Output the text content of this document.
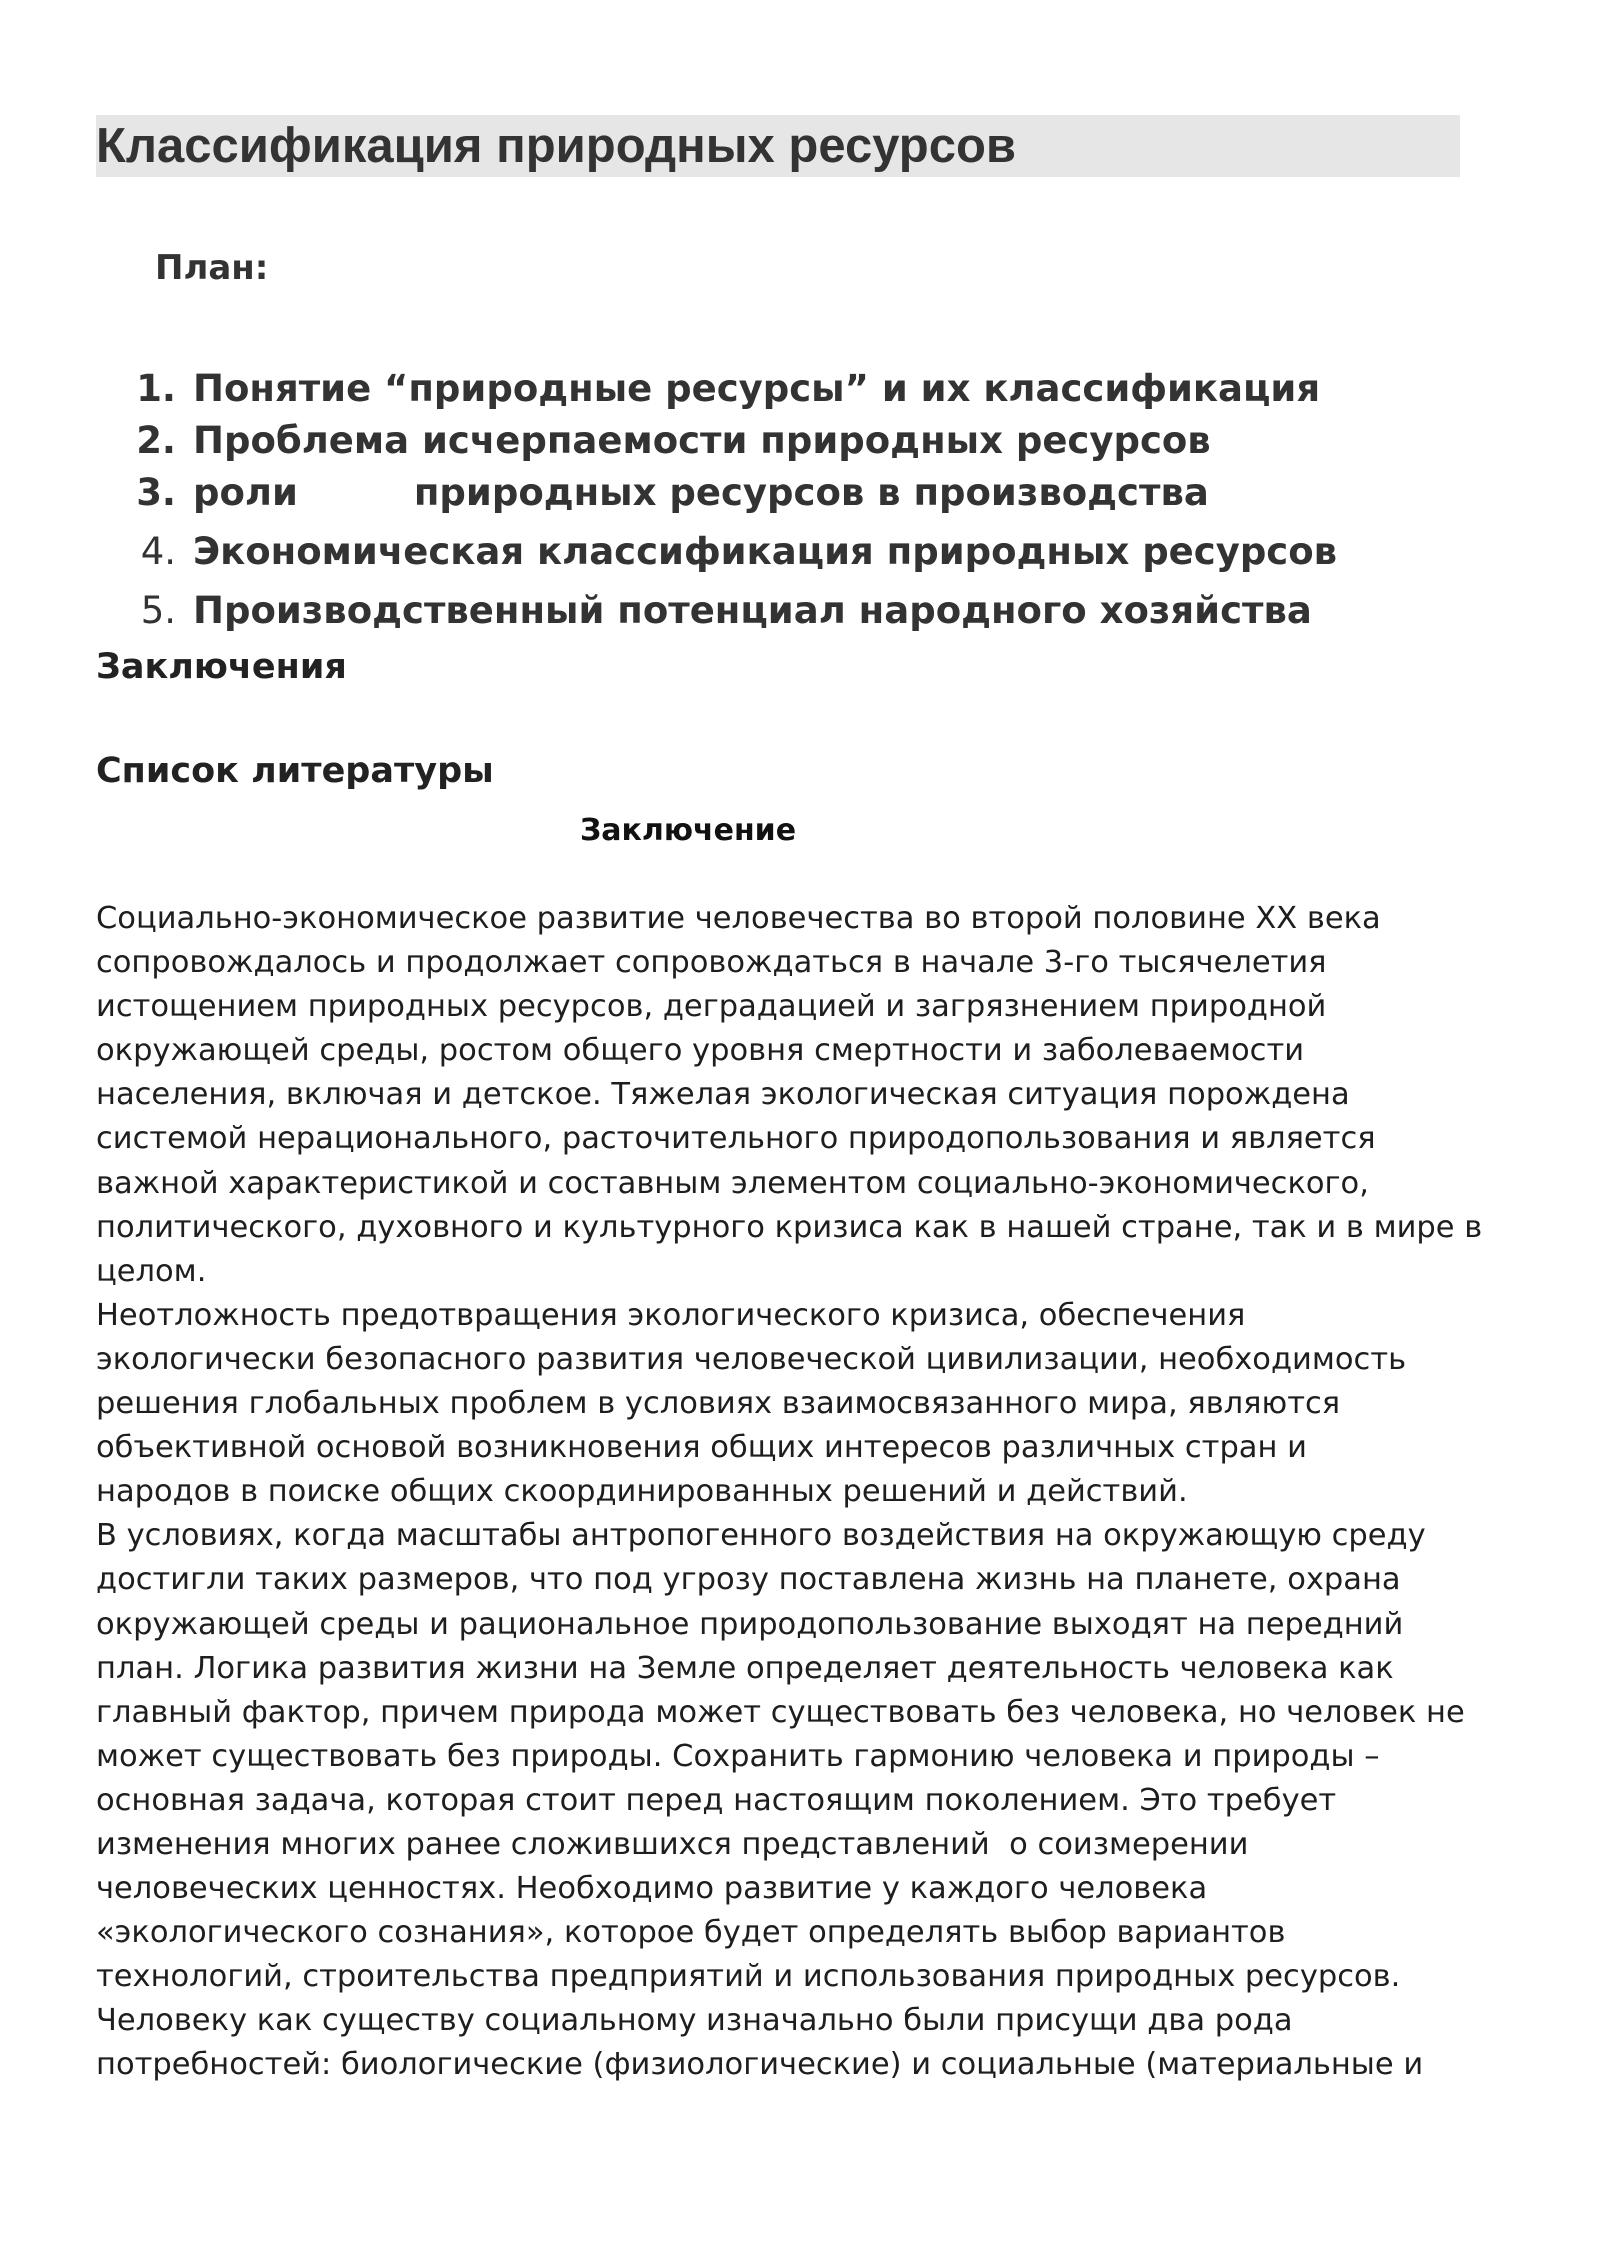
Классификация природных ресурсов
План:
1. Понятие “природные ресурсы” и их классификация
2. Проблема исчерпаемости природных ресурсов
3. роли         природных ресурсов в производства
4. Экономическая классификация природных ресурсов
5. Производственный потенциал народного хозяйства
Заключения
Список литературы
Заключение
Социально-экономическое развитие человечества во второй половине XX века
сопровождалось и продолжает сопровождаться в начале 3-го тысячелетия
истощением природных ресурсов, деградацией и загрязнением природной
окружающей среды, ростом общего уровня смертности и заболеваемости
населения, включая и детское. Тяжелая экологическая ситуация порождена
системой нерационального, расточительного природопользования и является
важной характеристикой и составным элементом социально-экономического,
политического, духовного и культурного кризиса как в нашей стране, так и в мире в
целом.
Неотложность предотвращения экологического кризиса, обеспечения
экологически безопасного развития человеческой цивилизации, необходимость
решения глобальных проблем в условиях взаимосвязанного мира, являются
объективной основой возникновения общих интересов различных стран и
народов в поиске общих скоординированных решений и действий.
В условиях, когда масштабы антропогенного воздействия на окружающую среду
достигли таких размеров, что под угрозу поставлена жизнь на планете, охрана
окружающей среды и рациональное природопользование выходят на передний
план. Логика развития жизни на Земле определяет деятельность человека как
главный фактор, причем природа может существовать без человека, но человек не
может существовать без природы. Сохранить гармонию человека и природы –
основная задача, которая стоит перед настоящим поколением. Это требует
изменения многих ранее сложившихся представлений  о соизмерении
человеческих ценностях. Необходимо развитие у каждого человека
«экологического сознания», которое будет определять выбор вариантов
технологий, строительства предприятий и использования природных ресурсов.
Человеку как существу социальному изначально были присущи два рода
потребностей: биологические (физиологические) и социальные (материальные и
